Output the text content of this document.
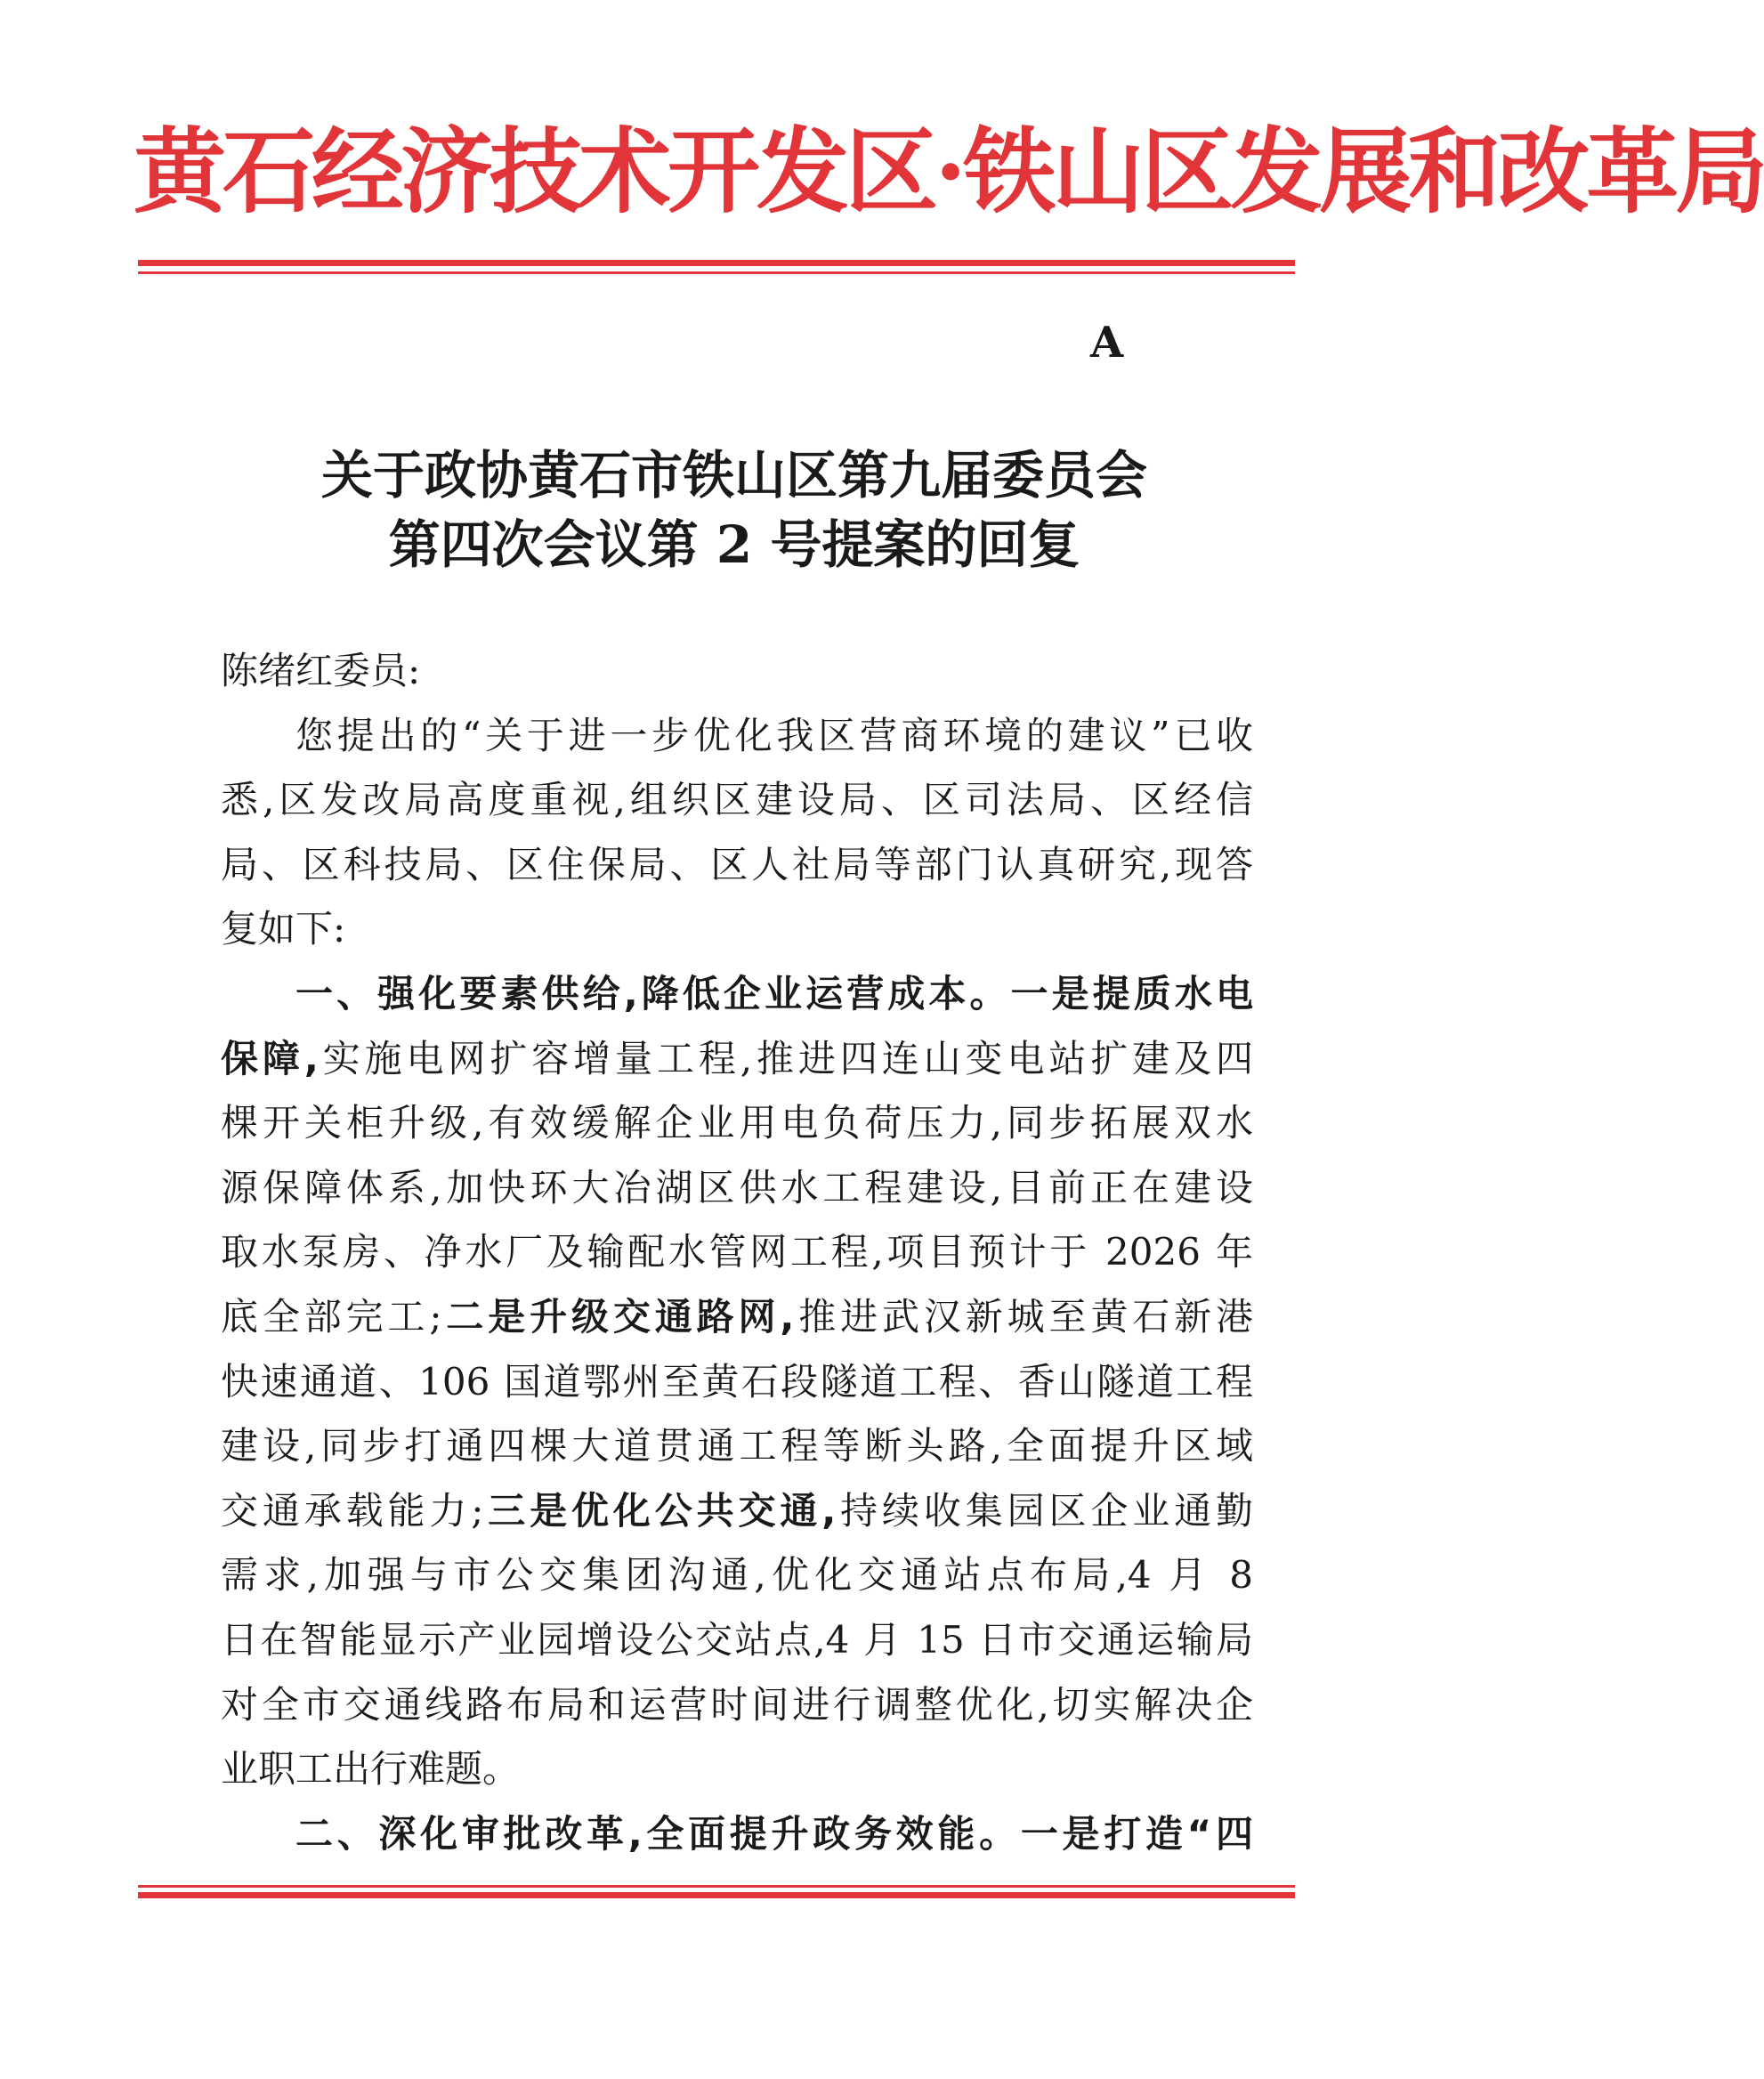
黄石经济技术开发区·铁山区发展和改革局
A
关于政协黄石市铁山区第九届委员会
第四次会议第 2 号提案的回复
陈绪红委员:
您提出的“关于进一步优化我区营商环境的建议”已收
悉,区发改局高度重视,组织区建设局、区司法局、区经信
局、区科技局、区住保局、区人社局等部门认真研究,现答
复如下:
一、强化要素供给,降低企业运营成本。一是提质水电
保障,实施电网扩容增量工程,推进四连山变电站扩建及四
棵开关柜升级,有效缓解企业用电负荷压力,同步拓展双水
源保障体系,加快环大冶湖区供水工程建设,目前正在建设
取水泵房、净水厂及输配水管网工程,项目预计于 2026 年
底全部完工;二是升级交通路网,推进武汉新城至黄石新港
快速通道、106 国道鄂州至黄石段隧道工程、香山隧道工程
建设,同步打通四棵大道贯通工程等断头路,全面提升区域
交通承载能力;三是优化公共交通,持续收集园区企业通勤
需求,加强与市公交集团沟通,优化交通站点布局,4 月 8
日在智能显示产业园增设公交站点,4 月 15 日市交通运输局
对全市交通线路布局和运营时间进行调整优化,切实解决企
业职工出行难题。
二、深化审批改革,全面提升政务效能。一是打造“四
